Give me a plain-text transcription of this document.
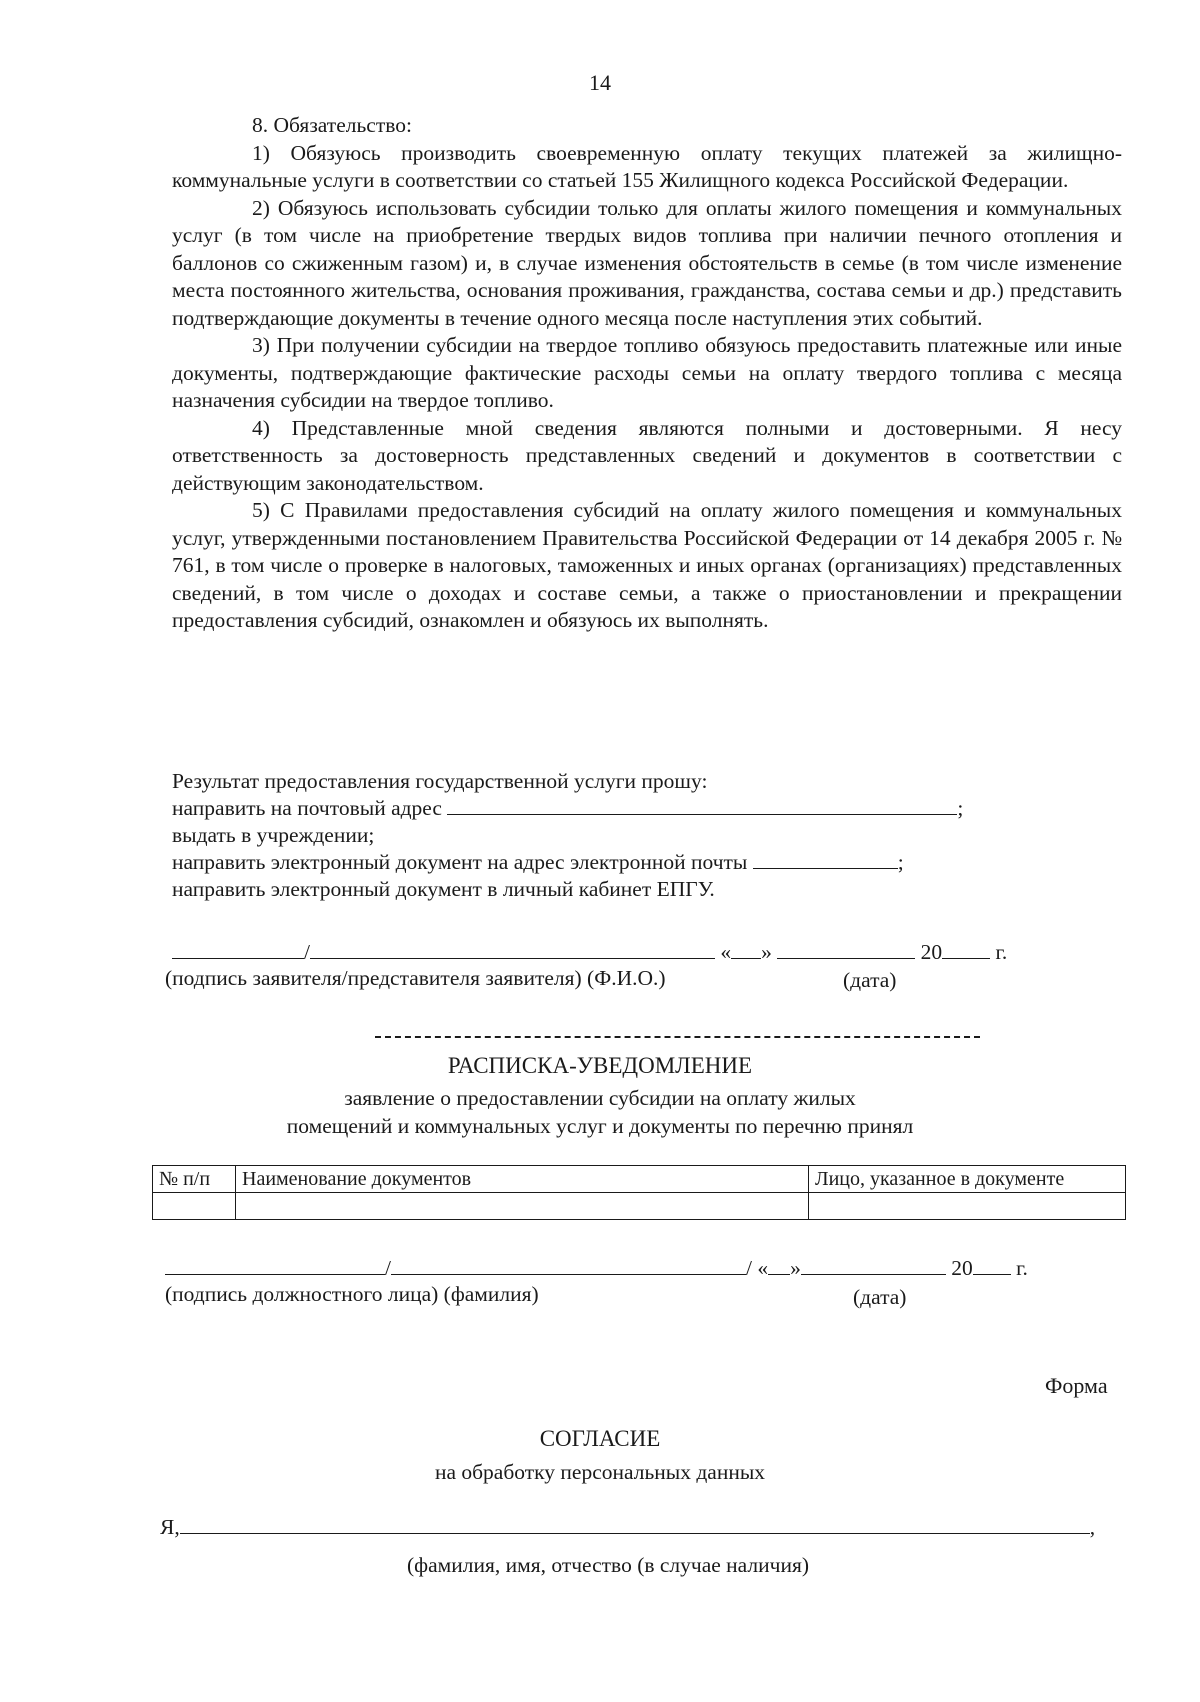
14

8. Обязательство:

1) Обязуюсь производить своевременную оплату текущих платежей за жилищно-коммунальные услуги в соответствии со статьей 155 Жилищного кодекса Российской Федерации.

2) Обязуюсь использовать субсидии только для оплаты жилого помещения и коммунальных услуг (в том числе на приобретение твердых видов топлива при наличии печного отопления и баллонов со сжиженным газом) и, в случае изменения обстоятельств в семье (в том числе изменение места постоянного жительства, основания проживания, гражданства, состава семьи и др.) представить подтверждающие документы в течение одного месяца после наступления этих событий.

3) При получении субсидии на твердое топливо обязуюсь предоставить платежные или иные документы, подтверждающие фактические расходы семьи на оплату твердого топлива с месяца назначения субсидии на твердое топливо.

4) Представленные мной сведения являются полными и достоверными. Я несу ответственность за достоверность представленных сведений и документов в соответствии с действующим законодательством.

5) С Правилами предоставления субсидий на оплату жилого помещения и коммунальных услуг, утвержденными постановлением Правительства Российской Федерации от 14 декабря 2005 г. № 761, в том числе о проверке в налоговых, таможенных и иных органах (организациях) представленных сведений, в том числе о доходах и составе семьи, а также о приостановлении и прекращении предоставления субсидий, ознакомлен и обязуюсь их выполнять.

Результат предоставления государственной услуги прошу:
направить на почтовый адрес	;
выдать в учреждении;
направить электронный документ на адрес электронной почты	;
направить электронный документ в личный кабинет ЕПГУ.
/	« »	20 г.
(подпись заявителя/представителя заявителя) (Ф.И.О.)	(дата)
РАСПИСКА-УВЕДОМЛЕНИЕ
заявление о предоставлении субсидии на оплату жилых
помещений и коммунальных услуг и документы по перечню принял
№ п/п	Наименование документов	Лицо, указанное в документе

/	/ « »	20 г.
(подпись должностного лица) (фамилия)	(дата)
Форма
СОГЛАСИЕ
на обработку персональных данных
Я,	,
(фамилия, имя, отчество (в случае наличия)
